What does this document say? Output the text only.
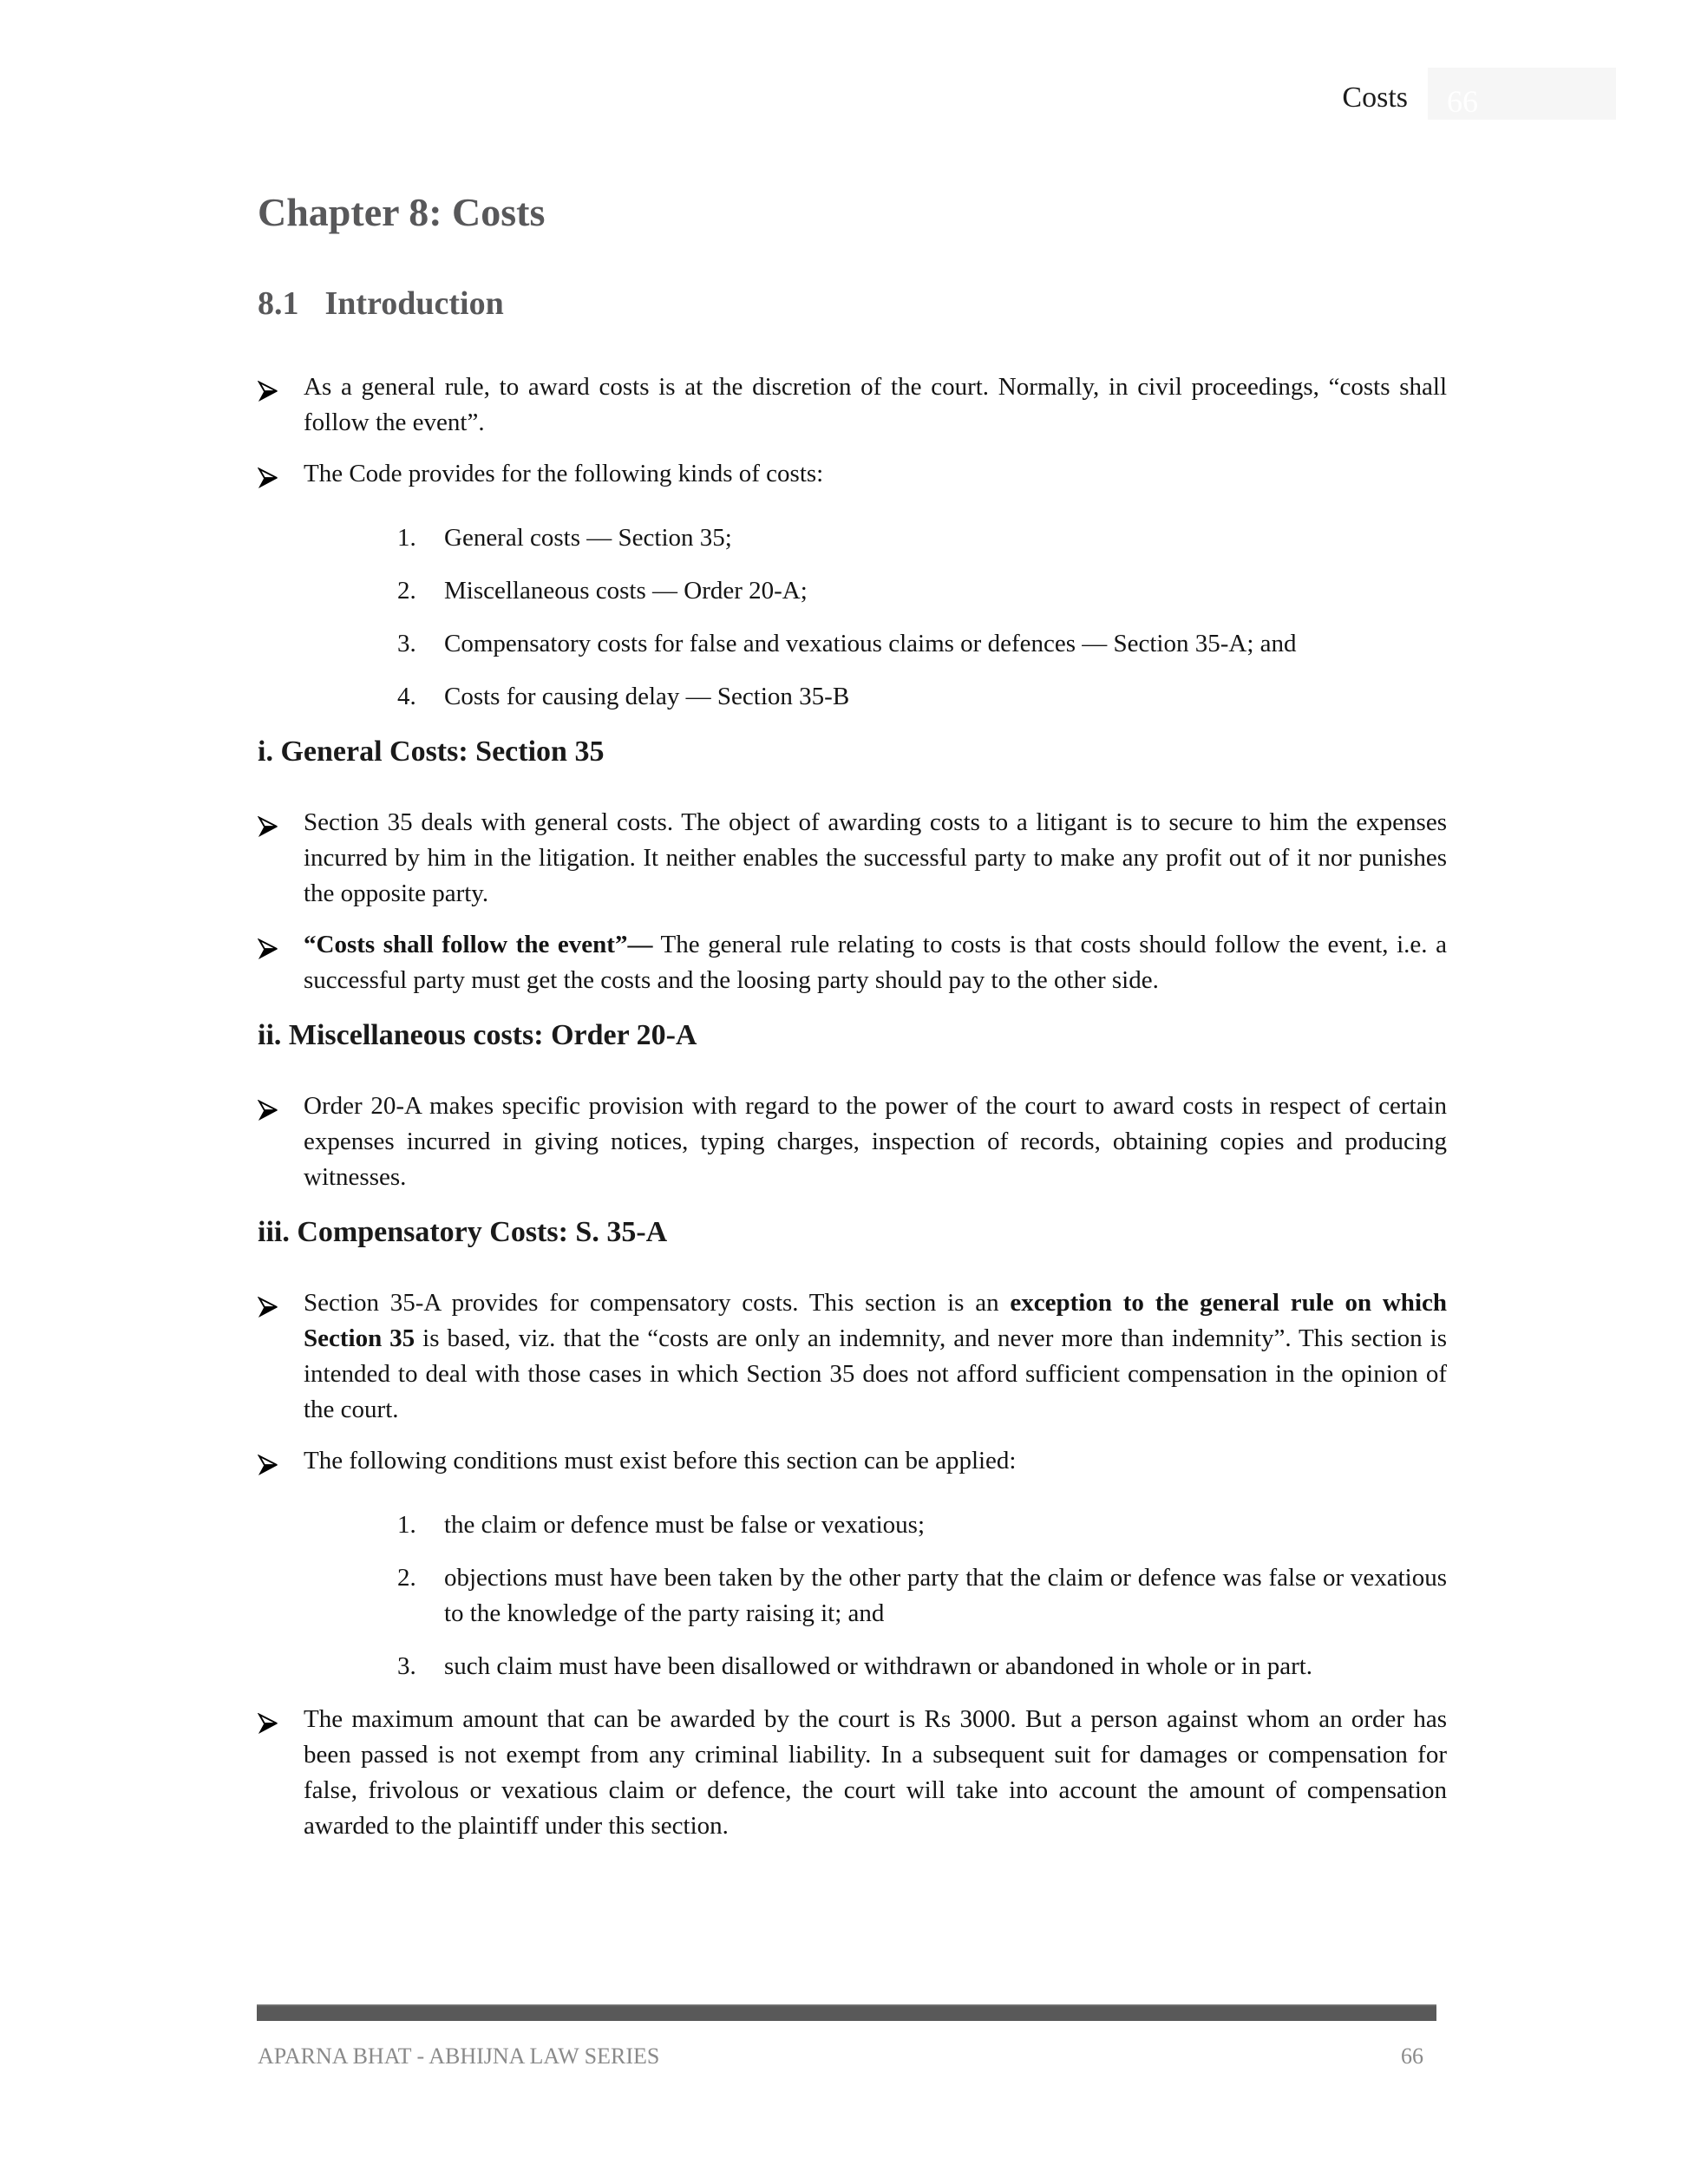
Costs 66
Chapter 8: Costs
8.1 Introduction
As a general rule, to award costs is at the discretion of the court. Normally, in civil proceedings, “costs shall follow the event”.
The Code provides for the following kinds of costs:
1.	General costs — Section 35;
2.	Miscellaneous costs — Order 20-A;
3.	Compensatory costs for false and vexatious claims or defences — Section 35-A; and
4.	Costs for causing delay — Section 35-B
i. General Costs: Section 35
Section 35 deals with general costs. The object of awarding costs to a litigant is to secure to him the expenses incurred by him in the litigation. It neither enables the successful party to make any profit out of it nor punishes the opposite party.
“Costs shall follow the event”— The general rule relating to costs is that costs should follow the event, i.e. a successful party must get the costs and the loosing party should pay to the other side.
ii. Miscellaneous costs: Order 20-A
Order 20-A makes specific provision with regard to the power of the court to award costs in respect of certain expenses incurred in giving notices, typing charges, inspection of records, obtaining copies and producing witnesses.
iii. Compensatory Costs: S. 35-A
Section 35-A provides for compensatory costs. This section is an exception to the general rule on which Section 35 is based, viz. that the “costs are only an indemnity, and never more than indemnity”. This section is intended to deal with those cases in which Section 35 does not afford sufficient compensation in the opinion of the court.
The following conditions must exist before this section can be applied:
1.	the claim or defence must be false or vexatious;
2.	objections must have been taken by the other party that the claim or defence was false or vexatious to the knowledge of the party raising it; and
3.	such claim must have been disallowed or withdrawn or abandoned in whole or in part.
The maximum amount that can be awarded by the court is Rs 3000. But a person against whom an order has been passed is not exempt from any criminal liability. In a subsequent suit for damages or compensation for false, frivolous or vexatious claim or defence, the court will take into account the amount of compensation awarded to the plaintiff under this section.
APARNA BHAT - ABHIJNA LAW SERIES	66
